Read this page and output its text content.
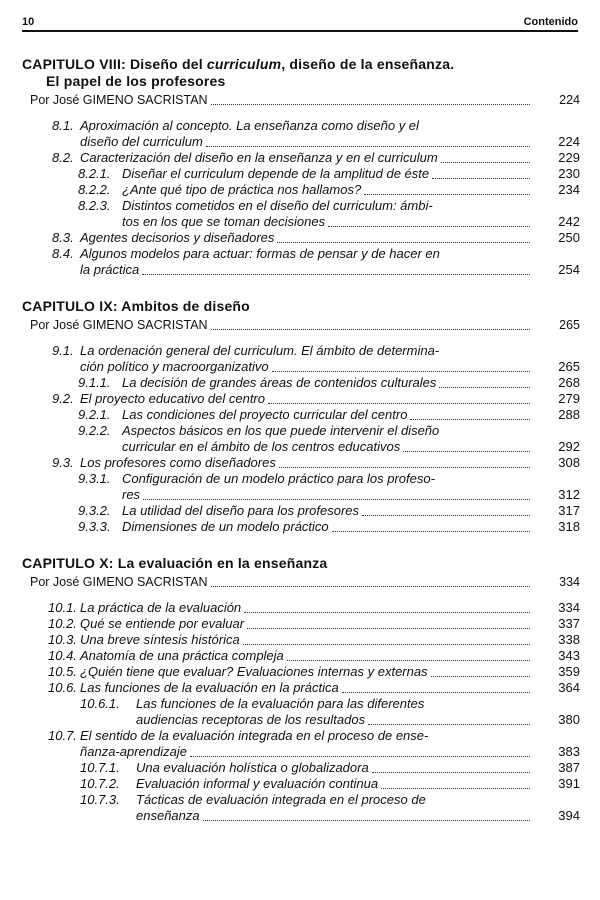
10	Contenido
CAPITULO VIII: Diseño del curriculum, diseño de la enseñanza.
El papel de los profesores
Por José GIMENO SACRISTAN	224
8.1. Aproximación al concepto. La enseñanza como diseño y el
diseño del curriculum	224
8.2. Caracterización del diseño en la enseñanza y en el curriculum	229
8.2.1. Diseñar el curriculum depende de la amplitud de éste	230
8.2.2. ¿Ante qué tipo de práctica nos hallamos?	234
8.2.3. Distintos cometidos en el diseño del curriculum: ámbi-
tos en los que se toman decisiones	242
8.3. Agentes decisorios y diseñadores	250
8.4. Algunos modelos para actuar: formas de pensar y de hacer en
la práctica	254
CAPITULO IX: Ambitos de diseño
Por José GIMENO SACRISTAN	265
9.1. La ordenación general del curriculum. El ámbito de determina-
ción político y macroorganizativo	265
9.1.1. La decisión de grandes áreas de contenidos culturales	268
9.2. El proyecto educativo del centro	279
9.2.1. Las condiciones del proyecto curricular del centro	288
9.2.2. Aspectos básicos en los que puede intervenir el diseño
curricular en el ámbito de los centros educativos	292
9.3. Los profesores como diseñadores	308
9.3.1. Configuración de un modelo práctico para los profeso-
res	312
9.3.2. La utilidad del diseño para los profesores	317
9.3.3. Dimensiones de un modelo práctico	318
CAPITULO X: La evaluación en la enseñanza
Por José GIMENO SACRISTAN	334
10.1. La práctica de la evaluación	334
10.2. Qué se entiende por evaluar	337
10.3. Una breve síntesis histórica	338
10.4. Anatomía de una práctica compleja	343
10.5. ¿Quién tiene que evaluar? Evaluaciones internas y externas	359
10.6. Las funciones de la evaluación en la práctica	364
10.6.1.	Las funciones de la evaluación para las diferentes
audiencias receptoras de los resultados	380
10.7. El sentido de la evaluación integrada en el proceso de ense-
ñanza-aprendizaje	383
10.7.1.	Una evaluación holística o globalizadora	387
10.7.2.	Evaluación informal y evaluación continua	391
10.7.3.	Tácticas de evaluación integrada en el proceso de
enseñanza	394
